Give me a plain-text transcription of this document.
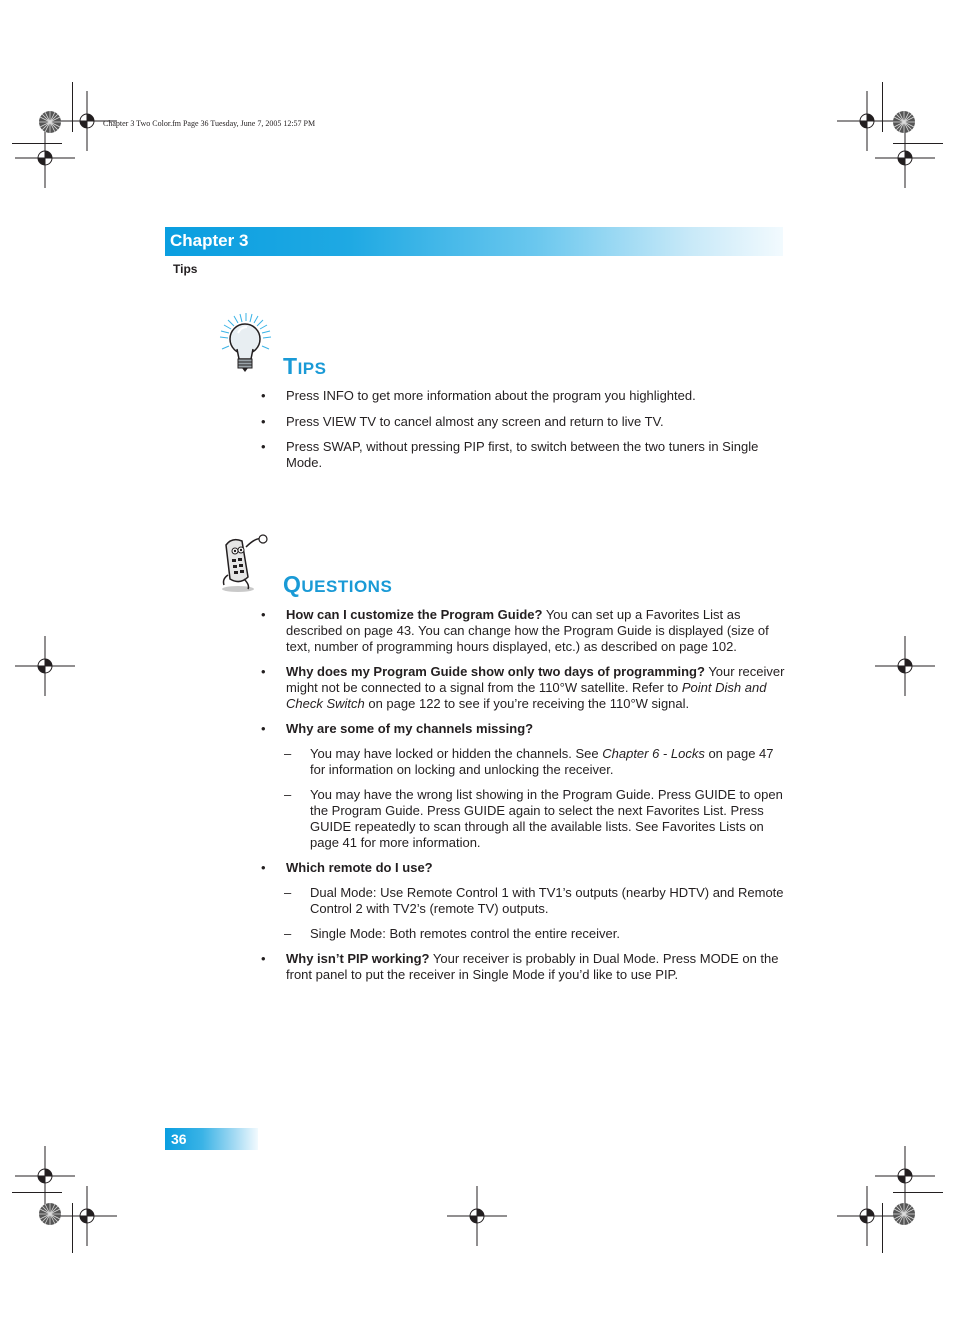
Chapter 3 Two Color.fm Page 36 Tuesday, June 7, 2005 12:57 PM
Chapter 3
Tips
TIPS
• Press INFO to get more information about the program you highlighted.
• Press VIEW TV to cancel almost any screen and return to live TV.
• Press SWAP, without pressing PIP first, to switch between the two tuners in Single Mode.
QUESTIONS
• How can I customize the Program Guide? You can set up a Favorites List as described on page 43. You can change how the Program Guide is displayed (size of text, number of programming hours displayed, etc.) as described on page 102.
• Why does my Program Guide show only two days of programming? Your receiver might not be connected to a signal from the 110°W satellite. Refer to Point Dish and Check Switch on page 122 to see if you’re receiving the 110°W signal.
• Why are some of my channels missing?
– You may have locked or hidden the channels. See Chapter 6 - Locks on page 47 for information on locking and unlocking the receiver.
– You may have the wrong list showing in the Program Guide. Press GUIDE to open the Program Guide. Press GUIDE again to select the next Favorites List. Press GUIDE repeatedly to scan through all the available lists. See Favorites Lists on page 41 for more information.
• Which remote do I use?
– Dual Mode: Use Remote Control 1 with TV1’s outputs (nearby HDTV) and Remote Control 2 with TV2’s (remote TV) outputs.
– Single Mode: Both remotes control the entire receiver.
• Why isn’t PIP working? Your receiver is probably in Dual Mode. Press MODE on the front panel to put the receiver in Single Mode if you’d like to use PIP.
36
